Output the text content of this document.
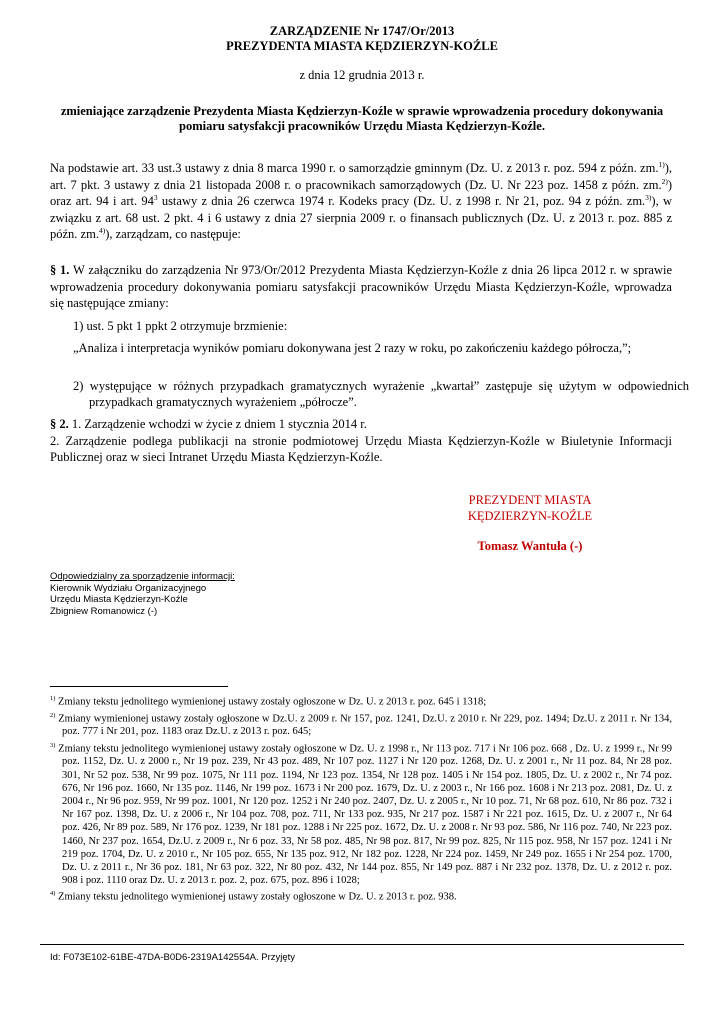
ZARZĄDZENIE Nr 1747/Or/2013
PREZYDENTA MIASTA KĘDZIERZYN-KOŹLE
z dnia 12 grudnia 2013 r.
zmieniające zarządzenie Prezydenta Miasta Kędzierzyn-Koźle w sprawie wprowadzenia procedury dokonywania pomiaru satysfakcji pracowników Urzędu Miasta Kędzierzyn-Koźle.
Na podstawie art. 33 ust.3 ustawy z dnia 8 marca 1990 r. o samorządzie gminnym (Dz. U. z 2013 r. poz. 594 z późn. zm.$^{1)}$), art. 7 pkt. 3 ustawy z dnia 21 listopada 2008 r. o pracownikach samorządowych (Dz. U. Nr 223 poz. 1458 z późn. zm.$^{2)}$) oraz art. 94 i art. $94^3$ ustawy z dnia 26 czerwca 1974 r. Kodeks pracy (Dz. U. z 1998 r. Nr 21, poz. 94 z późn. zm.$^{3)}$), w związku z art. 68 ust. 2 pkt. 4 i 6 ustawy z dnia 27 sierpnia 2009 r. o finansach publicznych (Dz. U. z 2013 r. poz. 885 z późn. zm.$^{4)}$), zarządzam, co następuje:
§ 1. W załączniku do zarządzenia Nr 973/Or/2012 Prezydenta Miasta Kędzierzyn-Koźle z dnia 26 lipca 2012 r. w sprawie wprowadzenia procedury dokonywania pomiaru satysfakcji pracowników Urzędu Miasta Kędzierzyn-Koźle, wprowadza się następujące zmiany:
1) ust. 5 pkt 1 ppkt 2 otrzymuje brzmienie:
„Analiza i interpretacja wyników pomiaru dokonywana jest 2 razy w roku, po zakończeniu każdego półrocza,”;
2) występujące w różnych przypadkach gramatycznych wyrażenie „kwartał” zastępuje się użytym w odpowiednich przypadkach gramatycznych wyrażeniem „półrocze”.
§ 2. 1. Zarządzenie wchodzi w życie z dniem 1 stycznia 2014 r.
2. Zarządzenie podlega publikacji na stronie podmiotowej Urzędu Miasta Kędzierzyn-Koźle w Biuletynie Informacji Publicznej oraz w sieci Intranet Urzędu Miasta Kędzierzyn-Koźle.
PREZYDENT MIASTA
KĘDZIERZYN-KOŹLE
Tomasz Wantuła (-)
Odpowiedzialny za sporządzenie informacji:
Kierownik Wydziału Organizacyjnego
Urzędu Miasta Kędzierzyn-Koźle
Zbigniew Romanowicz (-)
$^{1)}$ Zmiany tekstu jednolitego wymienionej ustawy zostały ogłoszone w Dz. U. z 2013 r. poz. 645 i 1318;
$^{2)}$ Zmiany wymienionej ustawy zostały ogłoszone w Dz.U. z 2009 r. Nr 157, poz. 1241, Dz.U. z 2010 r. Nr 229, poz. 1494; Dz.U. z 2011 r. Nr 134, poz. 777 i Nr 201, poz. 1183 oraz Dz.U. z 2013 r. poz. 645;
$^{3)}$ Zmiany tekstu jednolitego wymienionej ustawy zostały ogłoszone w Dz. U. z 1998 r., Nr 113 poz. 717 i Nr 106 poz. 668 , Dz. U. z 1999 r., Nr 99 poz. 1152, Dz. U. z 2000 r., Nr 19 poz. 239, Nr 43 poz. 489, Nr 107 poz. 1127 i Nr 120 poz. 1268, Dz. U. z 2001 r., Nr 11 poz. 84, Nr 28 poz. 301, Nr 52 poz. 538, Nr 99 poz. 1075, Nr 111 poz. 1194, Nr 123 poz. 1354, Nr 128 poz. 1405 i Nr 154 poz. 1805, Dz. U. z 2002 r., Nr 74 poz. 676, Nr 196 poz. 1660, Nr 135 poz. 1146, Nr 199 poz. 1673 i Nr 200 poz. 1679, Dz. U. z 2003 r., Nr 166 poz. 1608 i Nr 213 poz. 2081, Dz. U. z 2004 r., Nr 96 poz. 959, Nr 99 poz. 1001, Nr 120 poz. 1252 i Nr 240 poz. 2407, Dz. U. z 2005 r., Nr 10 poz. 71, Nr 68 poz. 610, Nr 86 poz. 732 i Nr 167 poz. 1398, Dz. U. z 2006 r., Nr 104 poz. 708, poz. 711, Nr 133 poz. 935, Nr 217 poz. 1587 i Nr 221 poz. 1615, Dz. U. z 2007 r., Nr 64 poz. 426, Nr 89 poz. 589, Nr 176 poz. 1239, Nr 181 poz. 1288 i Nr 225 poz. 1672, Dz. U. z 2008 r. Nr 93 poz. 586, Nr 116 poz. 740, Nr 223 poz. 1460, Nr 237 poz. 1654, Dz.U. z 2009 r., Nr 6 poz. 33, Nr 58 poz. 485, Nr 98 poz. 817, Nr 99 poz. 825, Nr 115 poz. 958, Nr 157 poz. 1241 i Nr 219 poz. 1704, Dz. U. z 2010 r., Nr 105 poz. 655, Nr 135 poz. 912, Nr 182 poz. 1228, Nr 224 poz. 1459, Nr 249 poz. 1655 i Nr 254 poz. 1700, Dz. U. z 2011 r., Nr 36 poz. 181, Nr 63 poz. 322, Nr 80 poz. 432, Nr 144 poz. 855, Nr 149 poz. 887 i Nr 232 poz. 1378, Dz. U. z 2012 r. poz. 908 i poz. 1110 oraz Dz. U. z 2013 r. poz. 2, poz. 675, poz. 896 i 1028;
$^{4)}$ Zmiany tekstu jednolitego wymienionej ustawy zostały ogłoszone w Dz. U. z 2013 r. poz. 938.
Id: F073E102-61BE-47DA-B0D6-2319A142554A. Przyjęty
